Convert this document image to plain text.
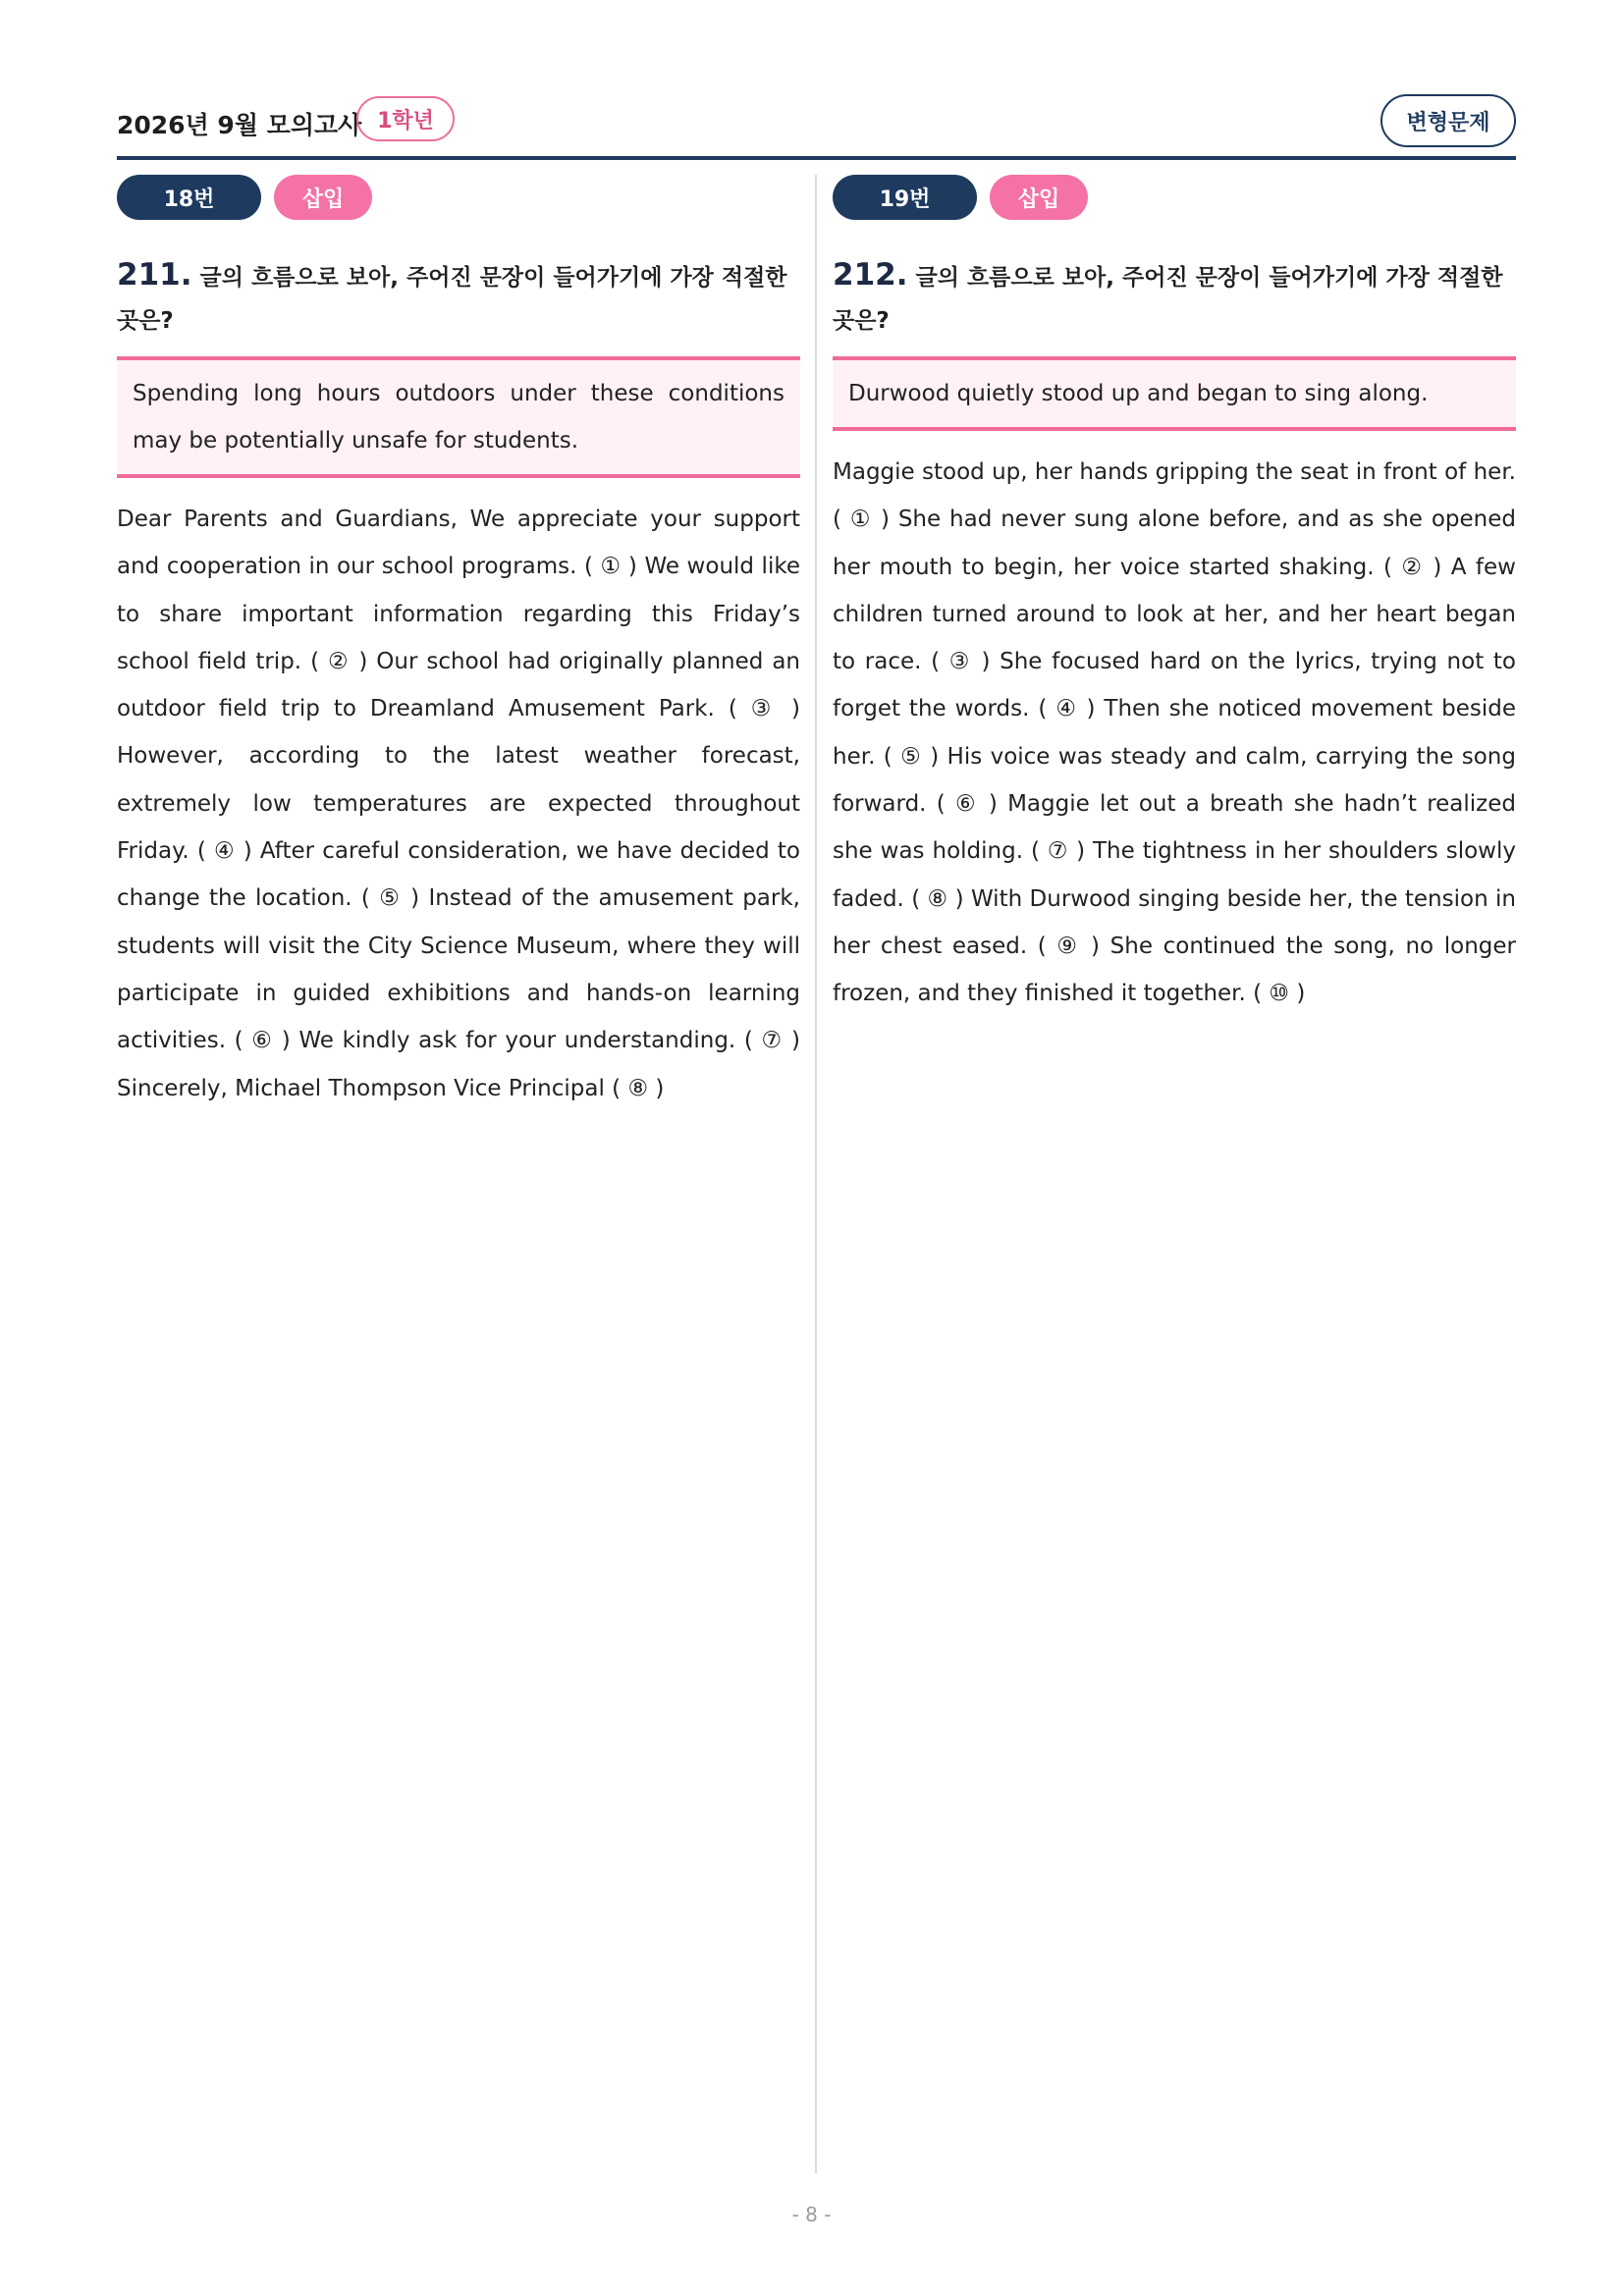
2026년 9월 모의고사 1학년	변형문제
18번	삽입
211. 글의 흐름으로 보아, 주어진 문장이 들어가기에 가장 적절한 곳은?
Spending long hours outdoors under these conditions may be potentially unsafe for students.
Dear Parents and Guardians, We appreciate your support and cooperation in our school programs. ( ① ) We would like to share important information regarding this Friday’s school field trip. ( ② ) Our school had originally planned an outdoor field trip to Dreamland Amusement Park. ( ③ ) However, according to the latest weather forecast, extremely low temperatures are expected throughout Friday. ( ④ ) After careful consideration, we have decided to change the location. ( ⑤ ) Instead of the amusement park, students will visit the City Science Museum, where they will participate in guided exhibitions and hands-on learning activities. ( ⑥ ) We kindly ask for your understanding. ( ⑦ ) Sincerely, Michael Thompson Vice Principal ( ⑧ )
19번	삽입
212. 글의 흐름으로 보아, 주어진 문장이 들어가기에 가장 적절한 곳은?
Durwood quietly stood up and began to sing along.
Maggie stood up, her hands gripping the seat in front of her. ( ① ) She had never sung alone before, and as she opened her mouth to begin, her voice started shaking. ( ② ) A few children turned around to look at her, and her heart began to race. ( ③ ) She focused hard on the lyrics, trying not to forget the words. ( ④ ) Then she noticed movement beside her. ( ⑤ ) His voice was steady and calm, carrying the song forward. ( ⑥ ) Maggie let out a breath she hadn’t realized she was holding. ( ⑦ ) The tightness in her shoulders slowly faded. ( ⑧ ) With Durwood singing beside her, the tension in her chest eased. ( ⑨ ) She continued the song, no longer frozen, and they finished it together. ( ⑩ )
- 8 -
